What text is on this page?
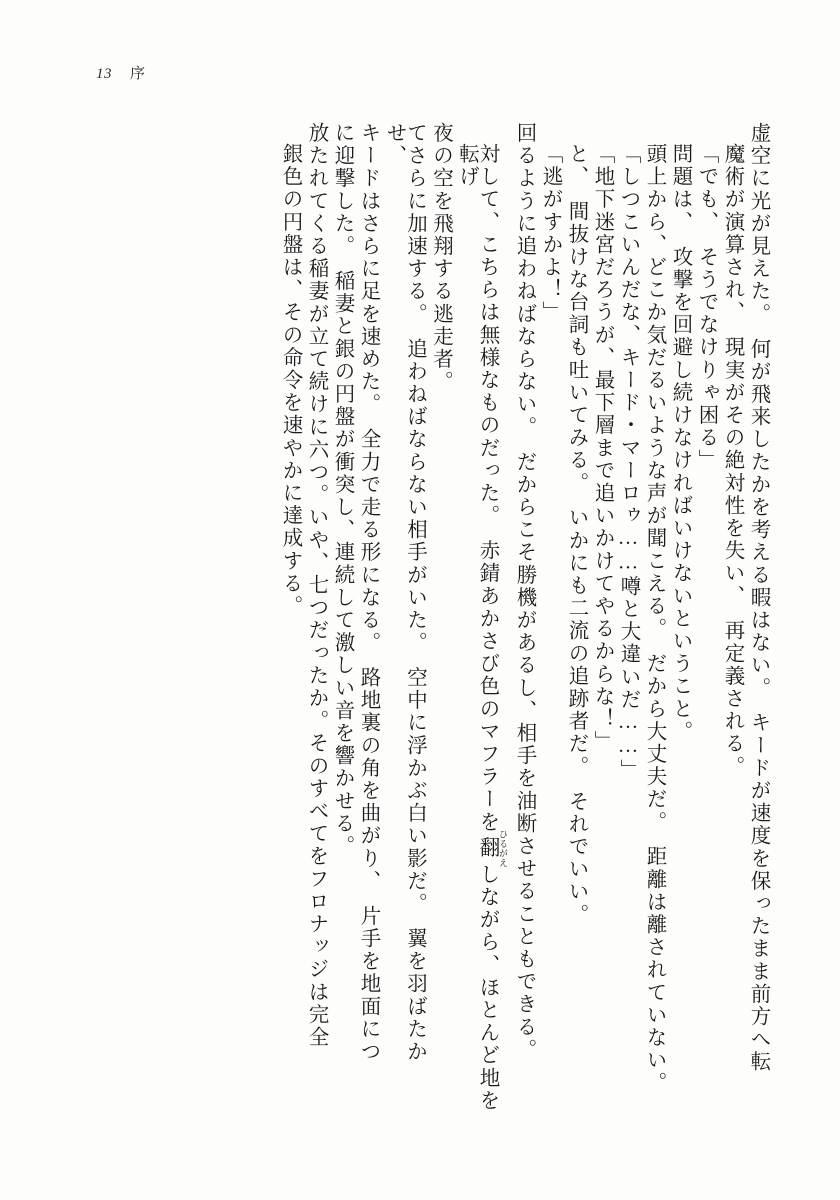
13 序
銀色の円盤は、その命令を速やかに達成する。 放たれてくる稲妻が立て続けに六つ。いや、七つだったか。そのすべてをフロナッジは完全 に迎撃した。　稲妻と銀の円盤が衝突し、連続して激しい音を響かせる。 キードはさらに足を速めた。　全力で走る形になる。　路地裏の角を曲がり、　片手を地面につ	てさらに加速する。　追わねばならない相手がいた。　空中に浮かぶ白い影だ。　翼を羽ばたかせ、	夜の空を飛翔する逃走者。	対して、こちらは無様なものだった。　赤錆あかさび色のマフラーを翻 ひるがえしながら、ほとんど地を転げ	回るように追わねばならない。　だからこそ勝機があるし、相手を油断させることもできる。 「逃がすかよ！」 と、　間抜けな台詞も吐いてみる。　いかにも二流の追跡者だ。　それでいい。 「地下迷宮だろうが、最下層まで追いかけてやるからな！」 「しつこいんだな、キード・マーロゥ……噂と大違いだ……」 頭上から、どこか気だるいような声が聞こえる。　だから大丈夫だ。　距離は離されていない。 問題は、　攻撃を回避し続けなければいけないということ。 「でも、　そうでなけりゃ困る」 魔術が演算され、　現実がその絶対性を失い、　再定義される。 虚空に光が見えた。　何が飛来したかを考える暇はない。　キードが速度を保ったまま前方へ転
